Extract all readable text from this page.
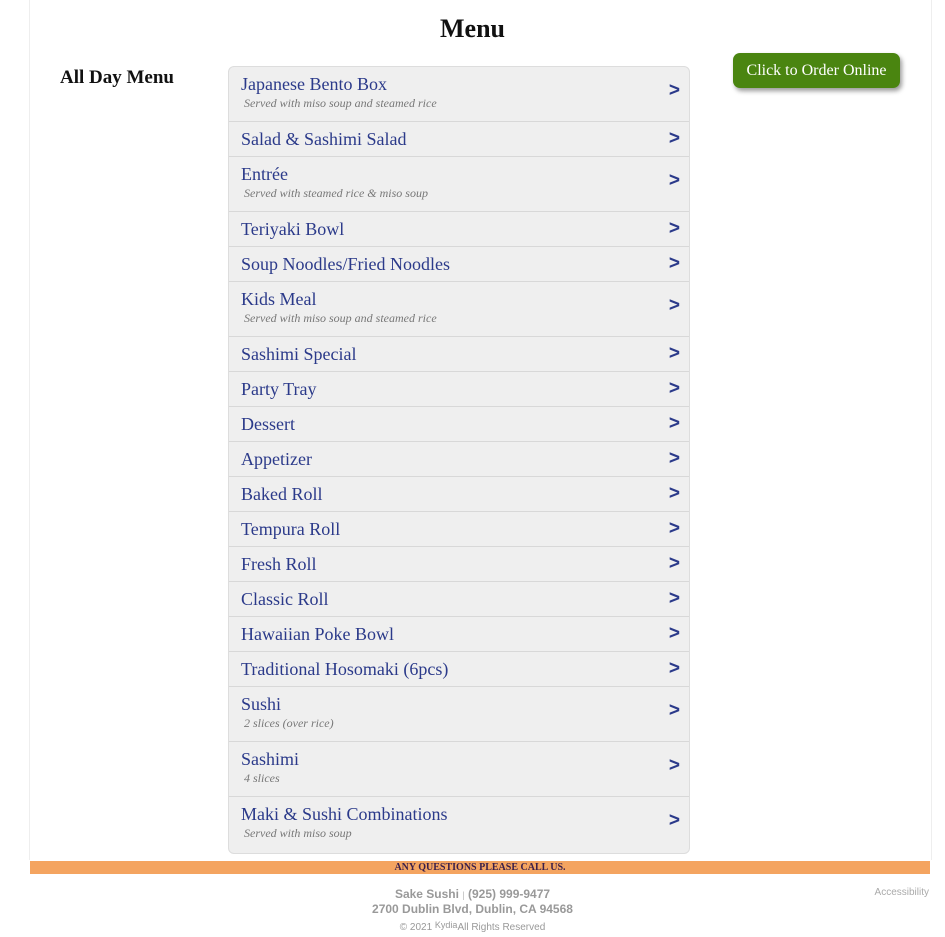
Menu
All Day Menu	Japanese Bento Box
Served with miso soup and steamed rice
>
Salad & Sashimi Salad	>
Entrée
Served with steamed rice & miso soup
>
Teriyaki Bowl	>
Soup Noodles/Fried Noodles	>
Kids Meal
Served with miso soup and steamed rice
>
Sashimi Special	>
Party Tray	>
Dessert	>
Appetizer	>
Baked Roll	>
Tempura Roll	>
Fresh Roll	>
Classic Roll	>
Hawaiian Poke Bowl	>
Traditional Hosomaki (6pcs)	>
Sushi
2 slices (over rice)
>
Sashimi
4 slices
>
Maki & Sushi Combinations
Served with miso soup
>
Click to Order Online
ANY QUESTIONS PLEASE CALL US.
Sake Sushi | (925) 999-9477
2700 Dublin Blvd, Dublin, CA 94568
© 2021 KydiaAll Rights Reserved
Accessibility
